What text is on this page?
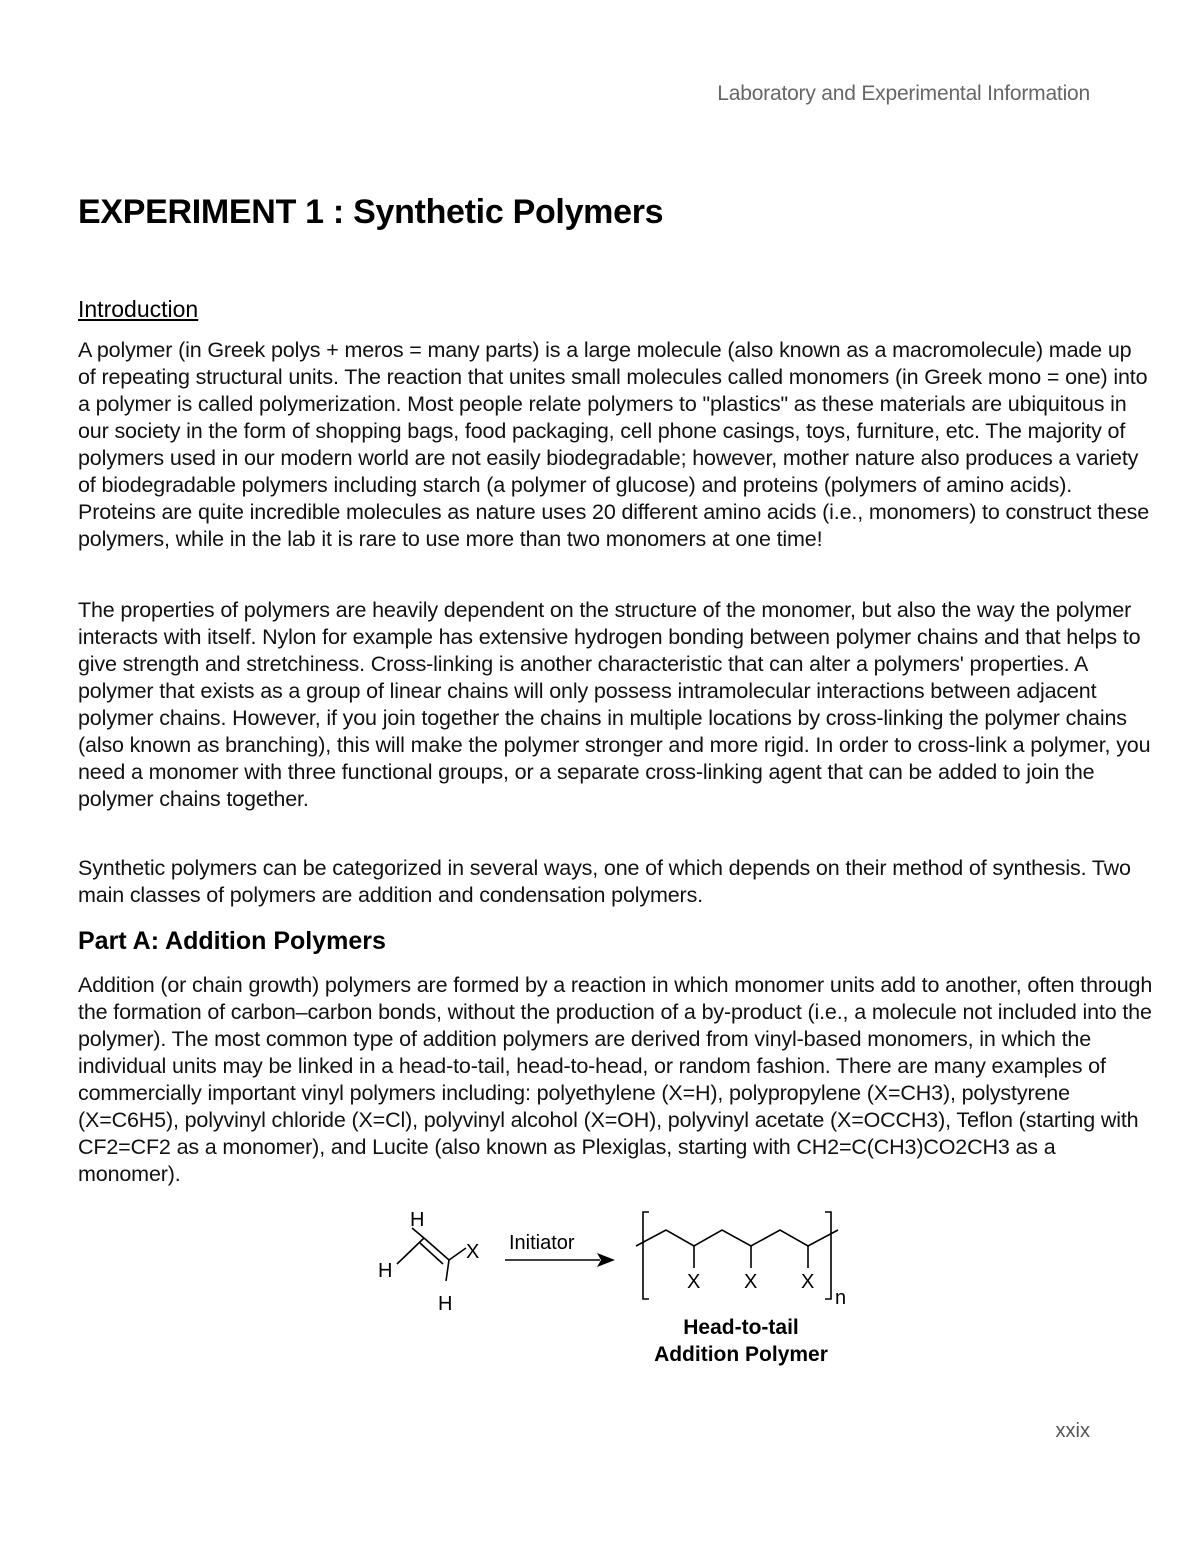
Laboratory and Experimental Information
EXPERIMENT 1 : Synthetic Polymers
Introduction

A polymer (in Greek polys + meros = many parts) is a large molecule (also known as a macromolecule) made up of repeating structural units. The reaction that unites small molecules called monomers (in Greek mono = one) into a polymer is called polymerization. Most people relate polymers to "plastics" as these materials are ubiquitous in our society in the form of shopping bags, food packaging, cell phone casings, toys, furniture, etc. The majority of polymers used in our modern world are not easily biodegradable; however, mother nature also produces a variety of biodegradable polymers including starch (a polymer of glucose) and proteins (polymers of amino acids). Proteins are quite incredible molecules as nature uses 20 different amino acids (i.e., monomers) to construct these polymers, while in the lab it is rare to use more than two monomers at one time!

The properties of polymers are heavily dependent on the structure of the monomer, but also the way the polymer interacts with itself. Nylon for example has extensive hydrogen bonding between polymer chains and that helps to give strength and stretchiness. Cross-linking is another characteristic that can alter a polymers' properties. A polymer that exists as a group of linear chains will only possess intramolecular interactions between adjacent polymer chains. However, if you join together the chains in multiple locations by cross-linking the polymer chains (also known as branching), this will make the polymer stronger and more rigid. In order to cross-link a polymer, you need a monomer with three functional groups, or a separate cross-linking agent that can be added to join the polymer chains together.

Synthetic polymers can be categorized in several ways, one of which depends on their method of synthesis. Two main classes of polymers are addition and condensation polymers.

Part A: Addition Polymers

Addition (or chain growth) polymers are formed by a reaction in which monomer units add to another, often through the formation of carbon–carbon bonds, without the production of a by-product (i.e., a molecule not included into the polymer). The most common type of addition polymers are derived from vinyl-based monomers, in which the individual units may be linked in a head-to-tail, head-to-head, or random fashion. There are many examples of commercially important vinyl polymers including: polyethylene (X=H), polypropylene (X=CH3), polystyrene (X=C6H5), polyvinyl chloride (X=Cl), polyvinyl alcohol (X=OH), polyvinyl acetate (X=OCCH3), Teflon (starting with CF2=CF2 as a monomer), and Lucite (also known as Plexiglas, starting with CH2=C(CH3)CO2CH3 as a monomer).

H
H
H
X Initiator
X X X
n
Head-to-tail
Addition Polymer
xxix
